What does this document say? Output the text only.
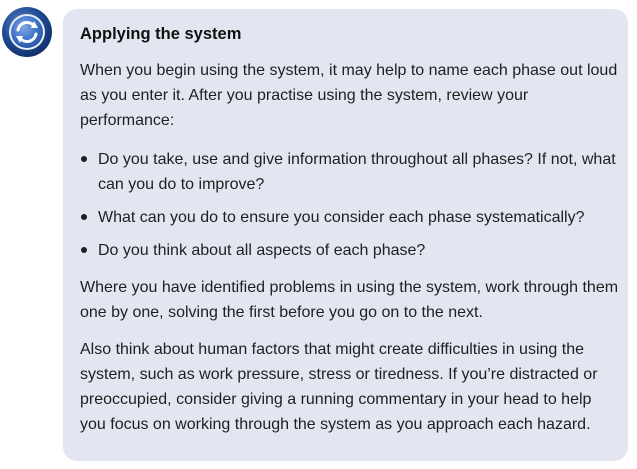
Applying the system

When you begin using the system, it may help to name each phase out loud as you enter it. After you practise using the system, review your performance:

Do you take, use and give information throughout all phases? If not, what can you do to improve?
What can you do to ensure you consider each phase systematically?
Do you think about all aspects of each phase?

Where you have identified problems in using the system, work through them one by one, solving the first before you go on to the next.

Also think about human factors that might create difficulties in using the system, such as work pressure, stress or tiredness. If you’re distracted or preoccupied, consider giving a running commentary in your head to help you focus on working through the system as you approach each hazard.
